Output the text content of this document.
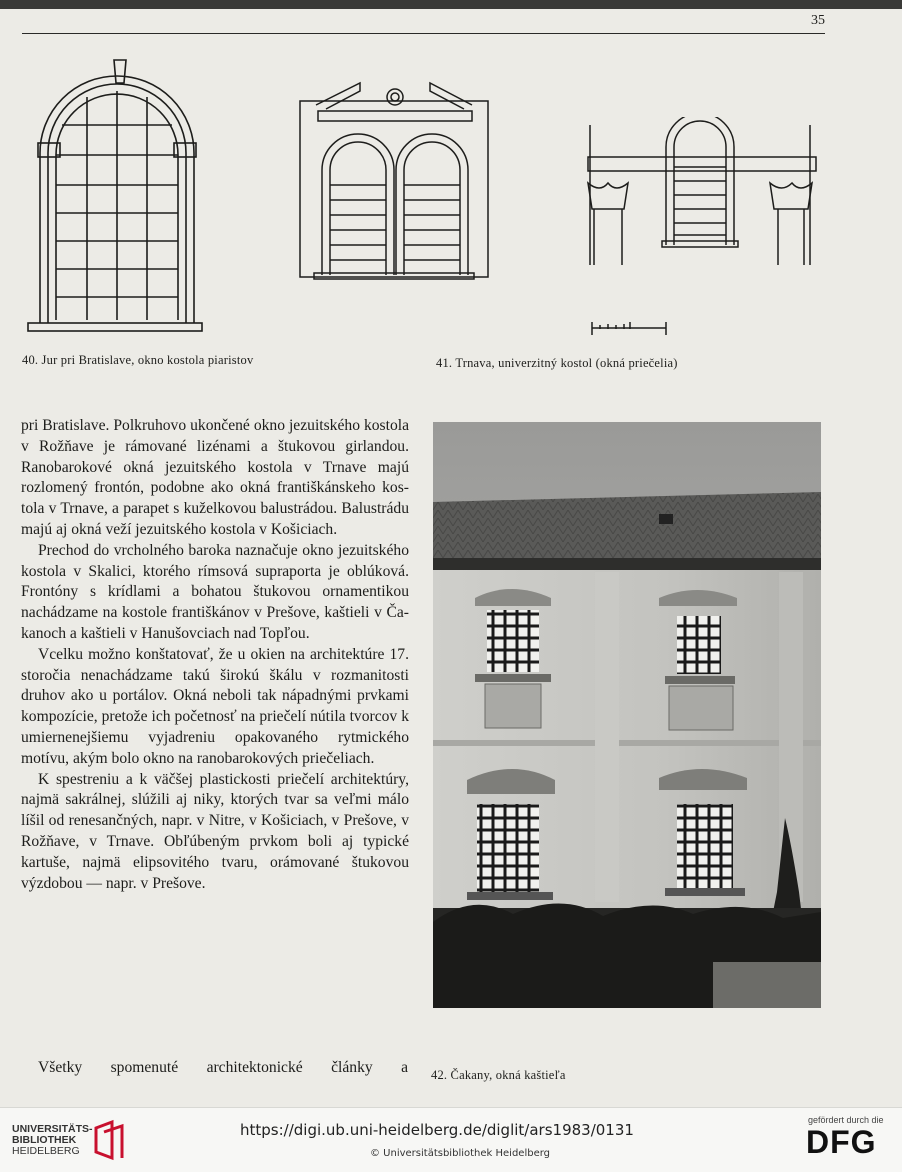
35
40. Jur pri Bratislave, okno kostola piaristov	41. Trnava, univerzitný kostol (okná priečelia)

pri Bratislave. Polkruhovo ukončené okno jezuitského kostola v Rožňave je rámované lizénami a štukovou girlandou. Ranobarokové okná jezuitského kostola v Trnave majú rozlomený frontón, podobne ako okná františkánskeho kostola v Trnave, a parapet s kuželkovou balustrádou. Balustrádu majú aj okná veží jezuitského kostola v Košiciach.

Prechod do vrcholného baroka naznačuje okno jezuitského kostola v Skalici, ktorého rímsová supraporta je oblúková. Frontóny s krídlami a bohatou štukovou ornamentikou nachádzame na kostole františkánov v Prešove, kaštieli v Čakanoch a kaštieli v Hanušovciach nad Topľou.

Vcelku možno konštatovať, že u okien na architektúre 17. storočia nenachádzame takú širokú škálu v rozmanitosti druhov ako u portálov. Okná neboli tak nápadnými prvkami kompozície, pretože ich početnosť na priečelí nútila tvorcov k umiernenejšiemu vyjadreniu opakovaného rytmického motívu, akým bolo okno na ranobarokových priečeliach.

K spestreniu a k väčšej plastickosti priečelí architektúry, najmä sakrálnej, slúžili aj niky, ktorých tvar sa veľmi málo líšil od renesančných, napr. v Nitre, v Košiciach, v Prešove, v Rožňave, v Trnave. Obľúbeným prvkom boli aj typické kartuše, najmä elipsovitého tvaru, orámované štukovou výzdobou — napr. v Prešove.

Všetky spomenuté architektonické články a 42. Čakany, okná kaštieľa
UNIVERSITÄTS-
BIBLIOTHEK
HEIDELBERG
https://digi.ub.uni-heidelberg.de/diglit/ars1983/0131
© Universitätsbibliothek Heidelberg
gefördert durch die
DFG
